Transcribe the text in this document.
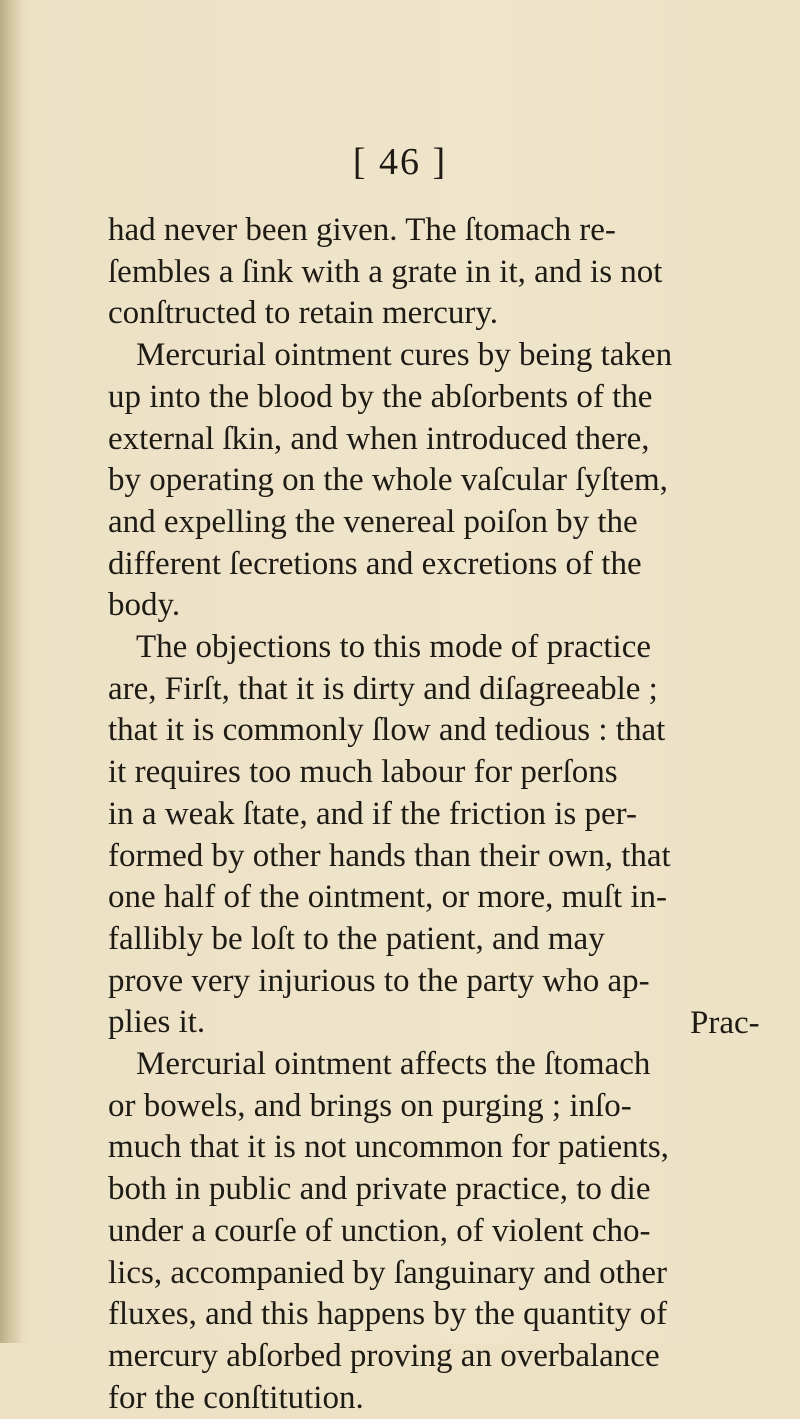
[ 46 ]
had never been given. The ſtomach re-
ſembles a ſink with a grate in it, and is not
conſtructed to retain mercury.
Mercurial ointment cures by being taken
up into the blood by the abſorbents of the
external ſkin, and when introduced there,
by operating on the whole vaſcular ſyſtem,
and expelling the venereal poiſon by the
different ſecretions and excretions of the
body.
The objections to this mode of practice
are, Firſt, that it is dirty and diſagreeable ;
that it is commonly ſlow and tedious : that
it requires too much labour for perſons
in a weak ſtate, and if the friction is per-
formed by other hands than their own, that
one half of the ointment, or more, muſt in-
fallibly be loſt to the patient, and may
prove very injurious to the party who ap-
plies it.
Mercurial ointment affects the ſtomach
or bowels, and brings on purging ; inſo-
much that it is not uncommon for patients,
both in public and private practice, to die
under a courſe of unction, of violent cho-
lics, accompanied by ſanguinary and other
fluxes, and this happens by the quantity of
mercury abſorbed proving an overbalance
for the conſtitution.
Prac-
